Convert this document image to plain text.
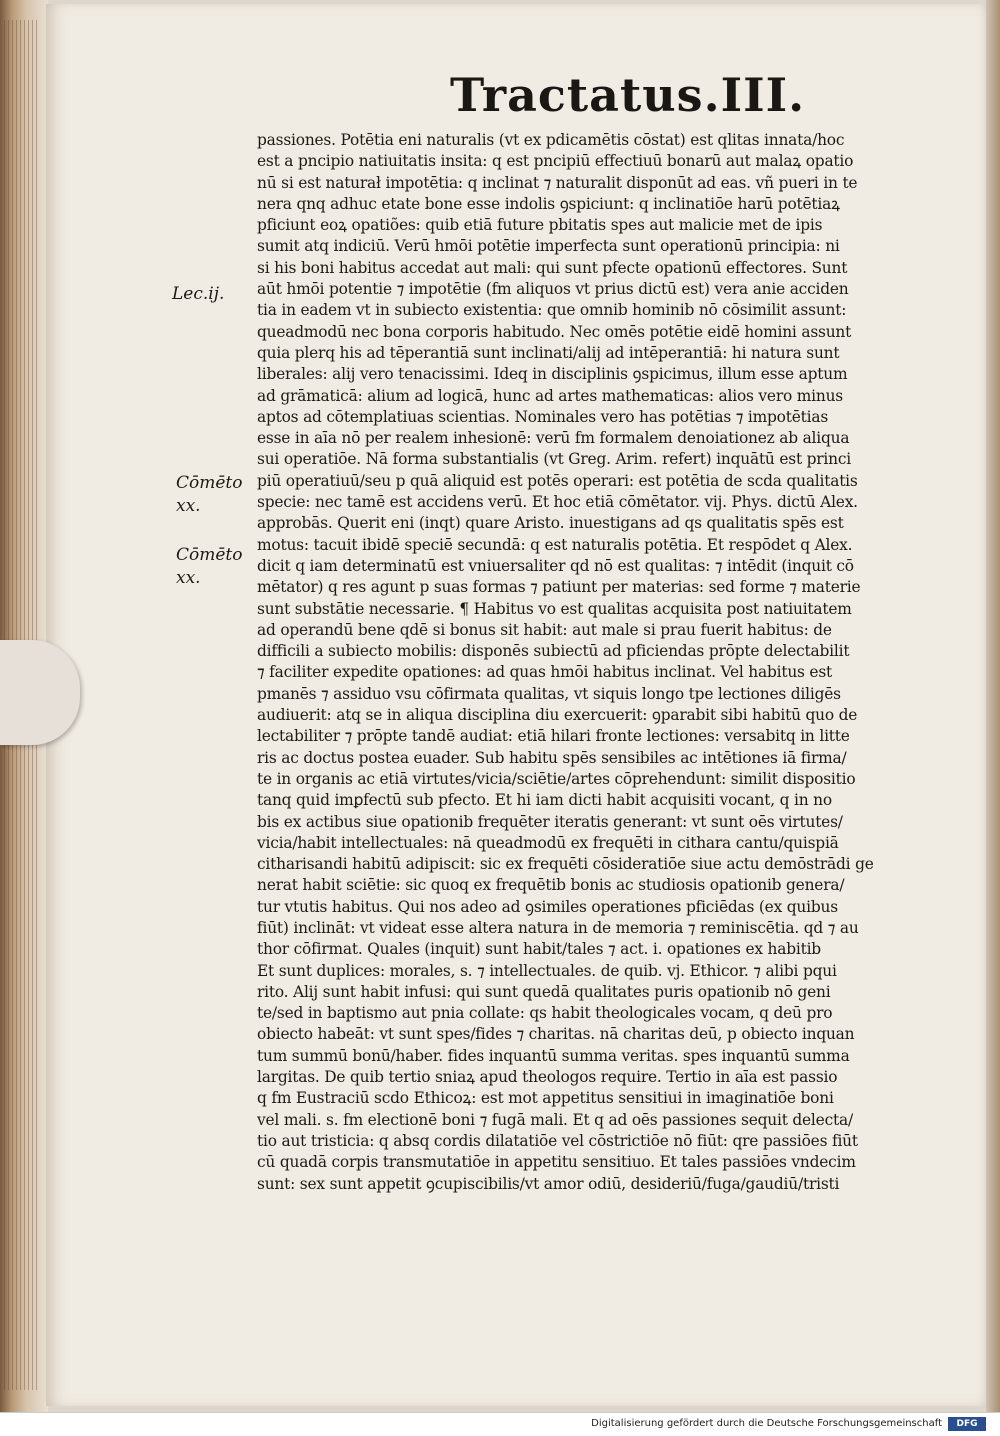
Tractatus.III.
Lec.ij.
Cōmēto
xx.
Cōmēto
xx.
passiones. Potētia eni naturalis (vt ex pdicamētis cōstat) est qlitas innata/hoc
est a pncipio natiuitatis insita: q est pncipiū effectiuū bonarū aut malaꝝ opatio
nū si est naturał impotētia: q inclinat ⁊ naturalit disponūt ad eas. vñ pueri in te
nera qnq adhuc etate bone esse indolis ꝯspiciunt: q inclinatiōe harū potētiaꝝ
pficiunt eoꝝ opatiões: quib etiā future pbitatis spes aut malicie met de ipis
sumit atq indiciū. Verū hmōi potētie imperfecta sunt operationū principia: ni
si his boni habitus accedat aut mali: qui sunt pfecte opationū effectores. Sunt
aūt hmōi potentie ⁊ impotētie (fm aliquos vt prius dictū est) vera anie acciden
tia in eadem vt in subiecto existentia: que omnib hominib nō cōsimilit assunt:
queadmodū nec bona corporis habitudo. Nec omēs potētie eidē homini assunt
quia plerq his ad tēperantiā sunt inclinati/alij ad intēperantiā: hi natura sunt
liberales: alij vero tenacissimi. Ideq in disciplinis ꝯspicimus, illum esse aptum
ad grāmaticā: alium ad logicā, hunc ad artes mathematicas: alios vero minus
aptos ad cōtemplatiuas scientias. Nominales vero has potētias ⁊ impotētias
esse in aīa nō per realem inhesionē: verū fm formalem denoiationez ab aliqua
sui operatiōe. Nā forma substantialis (vt Greg. Arim. refert) inquātū est princi
piū operatiuū/seu p quā aliquid est potēs operari: est potētia de scda qualitatis
specie: nec tamē est accidens verū. Et hoc etiā cōmētator. vij. Phys. dictū Alex.
approbās. Querit eni (inqt) quare Aristo. inuestigans ad qs qualitatis spēs est
motus: tacuit ibidē speciē secundā: q est naturalis potētia. Et respōdet q Alex.
dicit q iam determinatū est vniuersaliter qd nō est qualitas: ⁊ intēdit (inquit cō
mētator) q res agunt p suas formas ⁊ patiunt per materias: sed forme ⁊ materie
sunt substātie necessarie. ¶ Habitus vo est qualitas acquisita post natiuitatem
ad operandū bene qdē si bonus sit habit: aut male si prau fuerit habitus: de
difficili a subiecto mobilis: disponēs subiectū ad pficiendas prōpte delectabilit
⁊ faciliter expedite opationes: ad quas hmōi habitus inclinat. Vel habitus est
pmanēs ⁊ assiduo vsu cōfirmata qualitas, vt siquis longo tpe lectiones diligēs
audiuerit: atq se in aliqua disciplina diu exercuerit: ꝯparabit sibi habitū quo de
lectabiliter ⁊ prōpte tandē audiat: etiā hilari fronte lectiones: versabitq in litte
ris ac doctus postea euader. Sub habitu spēs sensibiles ac intētiones iā firma/
te in organis ac etiā virtutes/vicia/sciētie/artes cōprehendunt: similit dispositio
tanq quid imꝑfectū sub pfecto. Et hi iam dicti habit acquisiti vocant, q in no
bis ex actibus siue opationib frequēter iteratis generant: vt sunt oēs virtutes/
vicia/habit intellectuales: nā queadmodū ex frequēti in cithara cantu/quispiā
citharisandi habitū adipiscit: sic ex frequēti cōsideratiōe siue actu demōstrādi ge
nerat habit sciētie: sic quoq ex frequētib bonis ac studiosis opationib genera/
tur vtutis habitus. Qui nos adeo ad ꝯsimiles operationes pficiēdas (ex quibus
fiūt) inclināt: vt videat esse altera natura in de memoria ⁊ reminiscētia. qd ⁊ au
thor cōfirmat. Quales (inquit) sunt habit/tales ⁊ act. i. opationes ex habitib
Et sunt duplices: morales, s. ⁊ intellectuales. de quib. vj. Ethicor. ⁊ alibi pqui
rito. Alij sunt habit infusi: qui sunt quedā qualitates puris opationib nō geni
te/sed in baptismo aut pnia collate: qs habit theologicales vocam, q deū pro
obiecto habeāt: vt sunt spes/fides ⁊ charitas. nā charitas deū, p obiecto inquan
tum summū bonū/haber. fides inquantū summa veritas. spes inquantū summa
largitas. De quib tertio sniaꝝ apud theologos require. Tertio in aīa est passio
q fm Eustraciū scdo Ethicoꝝ: est mot appetitus sensitiui in imaginatiōe boni
vel mali. s. fm electionē boni ⁊ fugā mali. Et q ad oēs passiones sequit delecta/
tio aut tristicia: q absq cordis dilatatiōe vel cōstrictiōe nō fiūt: qre passiōes fiūt
cū quadā corpis transmutatiōe in appetitu sensitiuo. Et tales passiōes vndecim
sunt: sex sunt appetit ꝯcupiscibilis/vt amor odiū, desideriū/fuga/gaudiū/tristi
Digitalisierung gefördert durch die Deutsche Forschungsgemeinschaft	DFG
